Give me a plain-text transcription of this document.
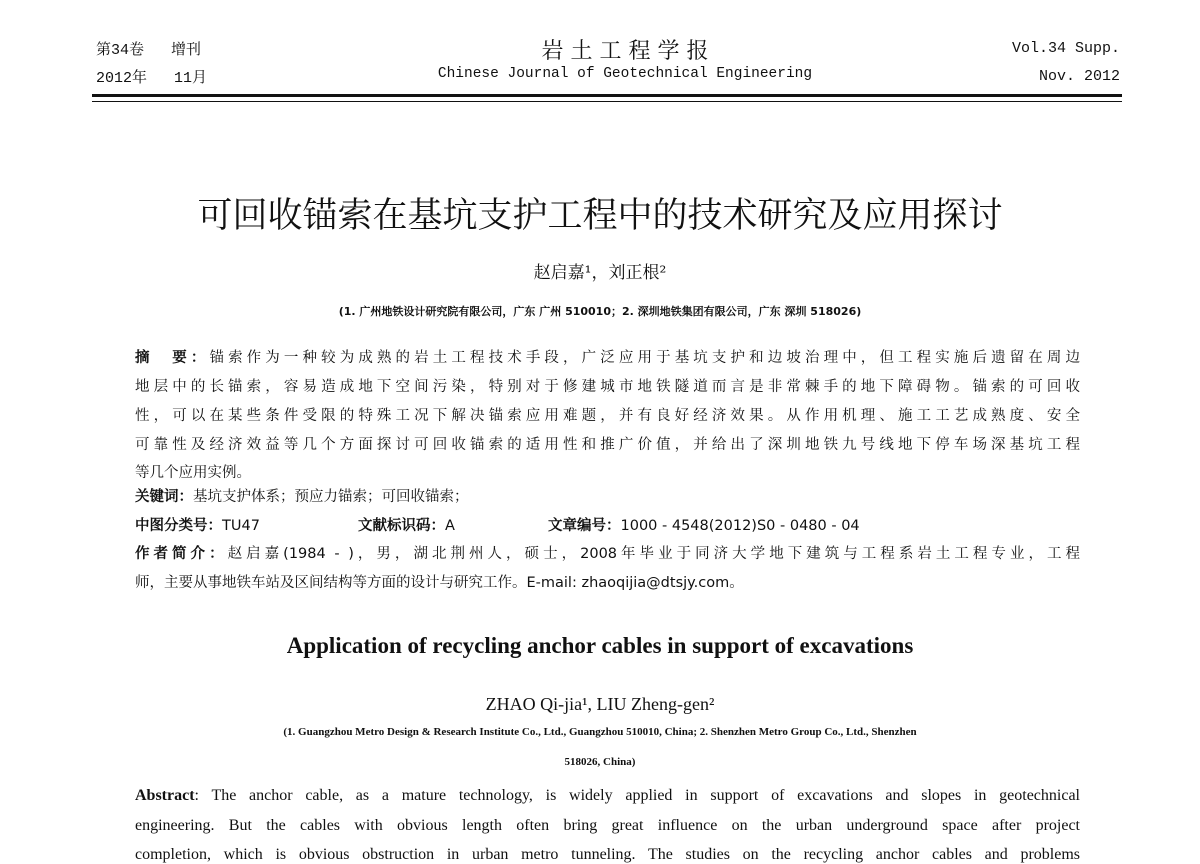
第34卷 增刊
2012年 11月
岩 土 工 程 学 报
Chinese Journal of Geotechnical Engineering
Vol.34 Supp.
Nov. 2012
可回收锚索在基坑支护工程中的技术研究及应用探讨
赵启嘉¹，刘正根²
(1. 广州地铁设计研究院有限公司，广东 广州 510010；2. 深圳地铁集团有限公司，广东 深圳 518026)
摘　要：锚索作为一种较为成熟的岩土工程技术手段，广泛应用于基坑支护和边坡治理中，但工程实施后遗留在周边
地层中的长锚索，容易造成地下空间污染，特别对于修建城市地铁隧道而言是非常棘手的地下障碍物。锚索的可回收
性，可以在某些条件受限的特殊工况下解决锚索应用难题，并有良好经济效果。从作用机理、施工工艺成熟度、安全
可靠性及经济效益等几个方面探讨可回收锚索的适用性和推广价值，并给出了深圳地铁九号线地下停车场深基坑工程
等几个应用实例。
关键词：基坑支护体系；预应力锚索；可回收锚索；
中图分类号：TU47	文献标识码：A	文章编号：1000 - 4548(2012)S0 - 0480 - 04
作者简介：赵启嘉(1984 - )，男，湖北荆州人，硕士，2008年毕业于同济大学地下建筑与工程系岩土工程专业，工程
师，主要从事地铁车站及区间结构等方面的设计与研究工作。E-mail: zhaoqijia@dtsjy.com。
Application of recycling anchor cables in support of excavations
ZHAO Qi-jia¹, LIU Zheng-gen²
(1. Guangzhou Metro Design & Research Institute Co., Ltd., Guangzhou 510010, China; 2. Shenzhen Metro Group Co., Ltd., Shenzhen
518026, China)
Abstract: The anchor cable, as a mature technology, is widely applied in support of excavations and slopes in geotechnical
engineering. But the cables with obvious length often bring great influence on the urban underground space after project
completion, which is obvious obstruction in urban metro tunneling. The studies on the recycling anchor cables and problems
